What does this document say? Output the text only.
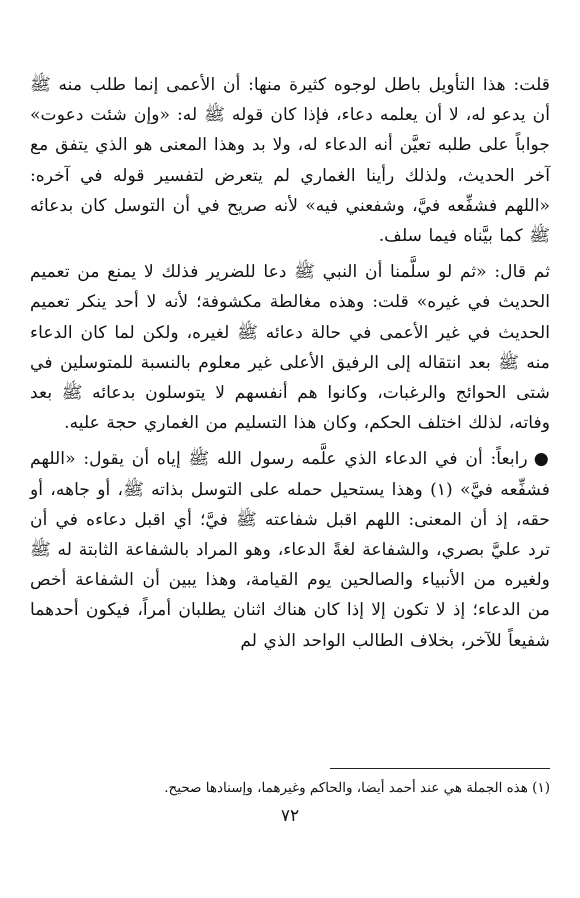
قلت: هذا التأويل باطل لوجوه كثيرة منها: أن الأعمى إنما طلب منه ﷺ أن يدعو له، لا أن يعلمه دعاء، فإذا كان قوله ﷺ له: «وإن شئت دعوت» جواباً على طلبه تعيَّن أنه الدعاء له، ولا بد وهذا المعنى هو الذي يتفق مع آخر الحديث، ولذلك رأينا الغماري لم يتعرض لتفسير قوله في آخره: «اللهم فشفِّعه فيَّ، وشفعني فيه» لأنه صريح في أن التوسل كان بدعائه ﷺ كما بيَّناه فيما سلف.

ثم قال: «ثم لو سلَّمنا أن النبي ﷺ دعا للضرير فذلك لا يمنع من تعميم الحديث في غيره» قلت: وهذه مغالطة مكشوفة؛ لأنه لا أحد ينكر تعميم الحديث في غير الأعمى في حالة دعائه ﷺ لغيره، ولكن لما كان الدعاء منه ﷺ بعد انتقاله إلى الرفيق الأعلى غير معلوم بالنسبة للمتوسلين في شتى الحوائج والرغبات، وكانوا هم أنفسهم لا يتوسلون بدعائه ﷺ بعد وفاته، لذلك اختلف الحكم، وكان هذا التسليم من الغماري حجة عليه.

●رابعاً: أن في الدعاء الذي علَّمه رسول الله ﷺ إياه أن يقول: «اللهم فشفِّعه فيَّ» (١) وهذا يستحيل حمله على التوسل بذاته ﷺ، أو جاهه، أو حقه، إذ أن المعنى: اللهم اقبل شفاعته ﷺ فيَّ؛ أي اقبل دعاءه في أن ترد عليَّ بصري، والشفاعة لغةً الدعاء، وهو المراد بالشفاعة الثابتة له ﷺ ولغيره من الأنبياء والصالحين يوم القيامة، وهذا يبين أن الشفاعة أخص من الدعاء؛ إذ لا تكون إلا إذا كان هناك اثنان يطلبان أمراً، فيكون أحدهما شفيعاً للآخر، بخلاف الطالب الواحد الذي لم

(١) هذه الجملة هي عند أحمد أيضا، والحاكم وغيرهما، وإسنادها صحيح.

٧٢
